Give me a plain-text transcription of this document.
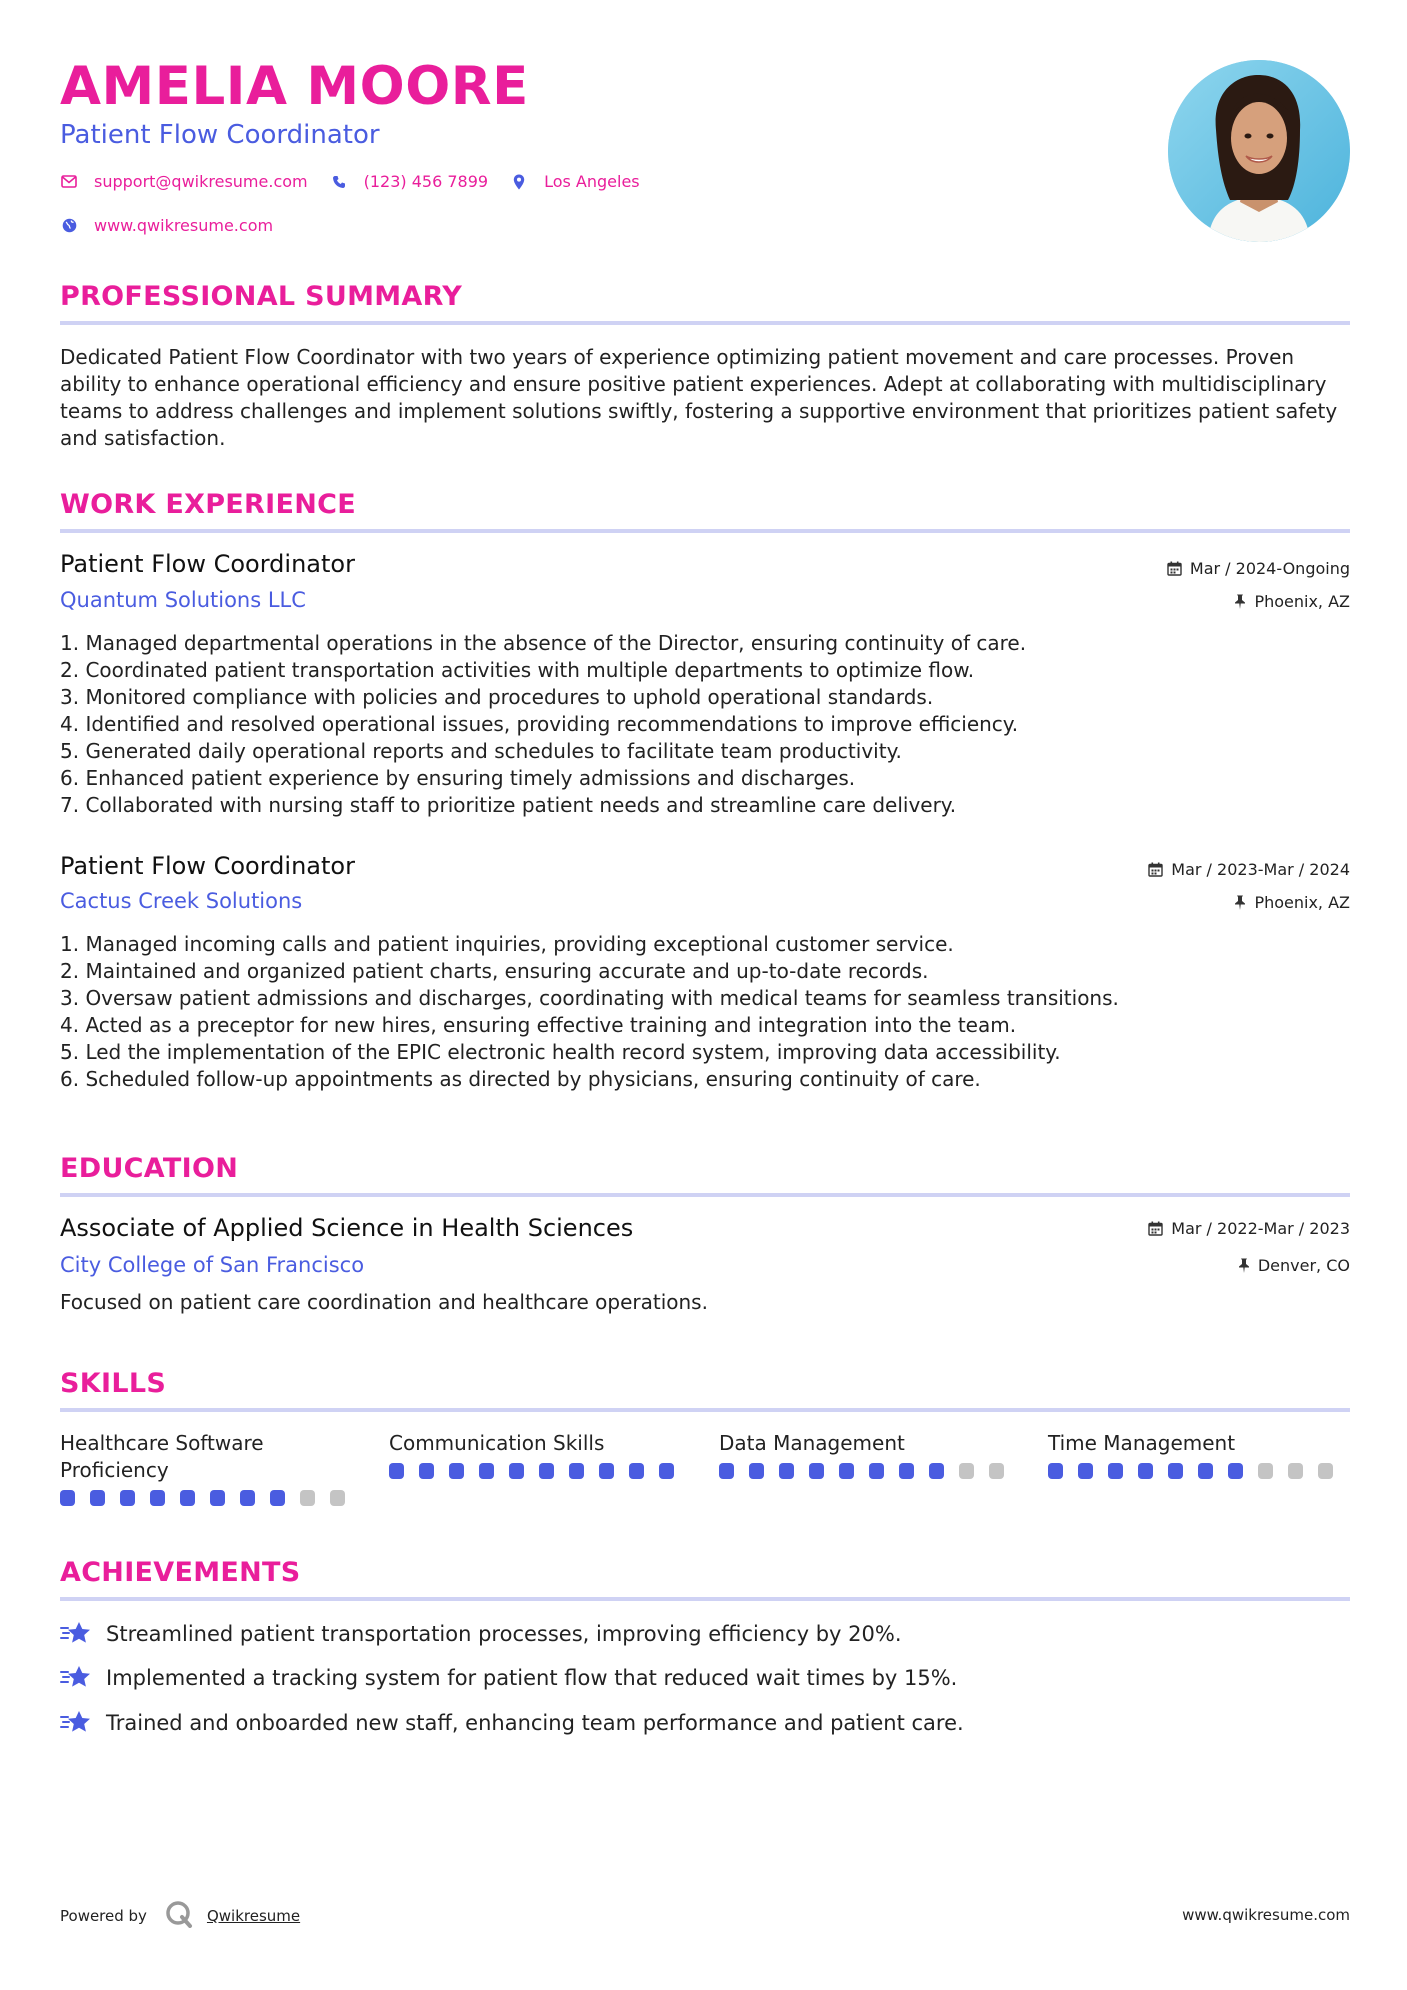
AMELIA MOORE
Patient Flow Coordinator
support@qwikresume.com	(123) 456 7899	Los Angeles
www.qwikresume.com
PROFESSIONAL SUMMARY
Dedicated Patient Flow Coordinator with two years of experience optimizing patient movement and care processes. Proven ability to enhance operational efficiency and ensure positive patient experiences. Adept at collaborating with multidisciplinary teams to address challenges and implement solutions swiftly, fostering a supportive environment that prioritizes patient safety and satisfaction.
WORK EXPERIENCE
Patient Flow Coordinator
Quantum Solutions LLC
Mar / 2024-Ongoing
Phoenix, AZ
1. Managed departmental operations in the absence of the Director, ensuring continuity of care.
2. Coordinated patient transportation activities with multiple departments to optimize flow.
3. Monitored compliance with policies and procedures to uphold operational standards.
4. Identified and resolved operational issues, providing recommendations to improve efficiency.
5. Generated daily operational reports and schedules to facilitate team productivity.
6. Enhanced patient experience by ensuring timely admissions and discharges.
7. Collaborated with nursing staff to prioritize patient needs and streamline care delivery.
Patient Flow Coordinator
Cactus Creek Solutions
Mar / 2023-Mar / 2024
Phoenix, AZ
1. Managed incoming calls and patient inquiries, providing exceptional customer service.
2. Maintained and organized patient charts, ensuring accurate and up-to-date records.
3. Oversaw patient admissions and discharges, coordinating with medical teams for seamless transitions.
4. Acted as a preceptor for new hires, ensuring effective training and integration into the team.
5. Led the implementation of the EPIC electronic health record system, improving data accessibility.
6. Scheduled follow-up appointments as directed by physicians, ensuring continuity of care.
EDUCATION
Associate of Applied Science in Health Sciences
City College of San Francisco
Mar / 2022-Mar / 2023
Denver, CO
Focused on patient care coordination and healthcare operations.
SKILLS
Healthcare Software Proficiency
Communication Skills	Data Management	Time Management
ACHIEVEMENTS
Streamlined patient transportation processes, improving efficiency by 20%.
Implemented a tracking system for patient flow that reduced wait times by 15%.
Trained and onboarded new staff, enhancing team performance and patient care.
Powered by	Qwikresume	www.qwikresume.com
